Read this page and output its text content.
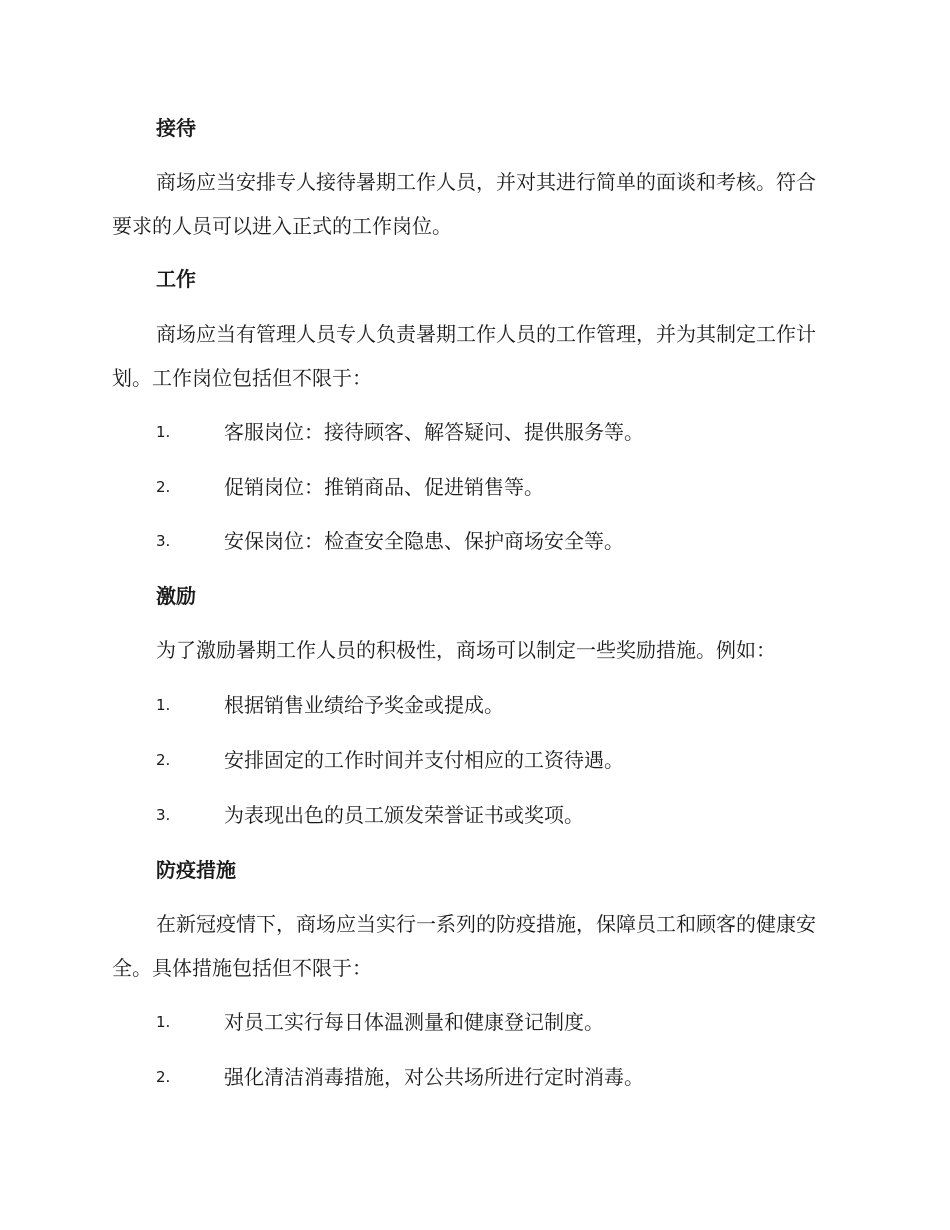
接待
商场应当安排专人接待暑期工作人员，并对其进行简单的面谈和考核。符合要求的人员可以进入正式的工作岗位。
工作
商场应当有管理人员专人负责暑期工作人员的工作管理，并为其制定工作计划。工作岗位包括但不限于：
1.	客服岗位：接待顾客、解答疑问、提供服务等。
2.	促销岗位：推销商品、促进销售等。
3.	安保岗位：检查安全隐患、保护商场安全等。
激励
为了激励暑期工作人员的积极性，商场可以制定一些奖励措施。例如：
1.	根据销售业绩给予奖金或提成。
2.	安排固定的工作时间并支付相应的工资待遇。
3.	为表现出色的员工颁发荣誉证书或奖项。
防疫措施
在新冠疫情下，商场应当实行一系列的防疫措施，保障员工和顾客的健康安全。具体措施包括但不限于：
1.	对员工实行每日体温测量和健康登记制度。
2.	强化清洁消毒措施，对公共场所进行定时消毒。
